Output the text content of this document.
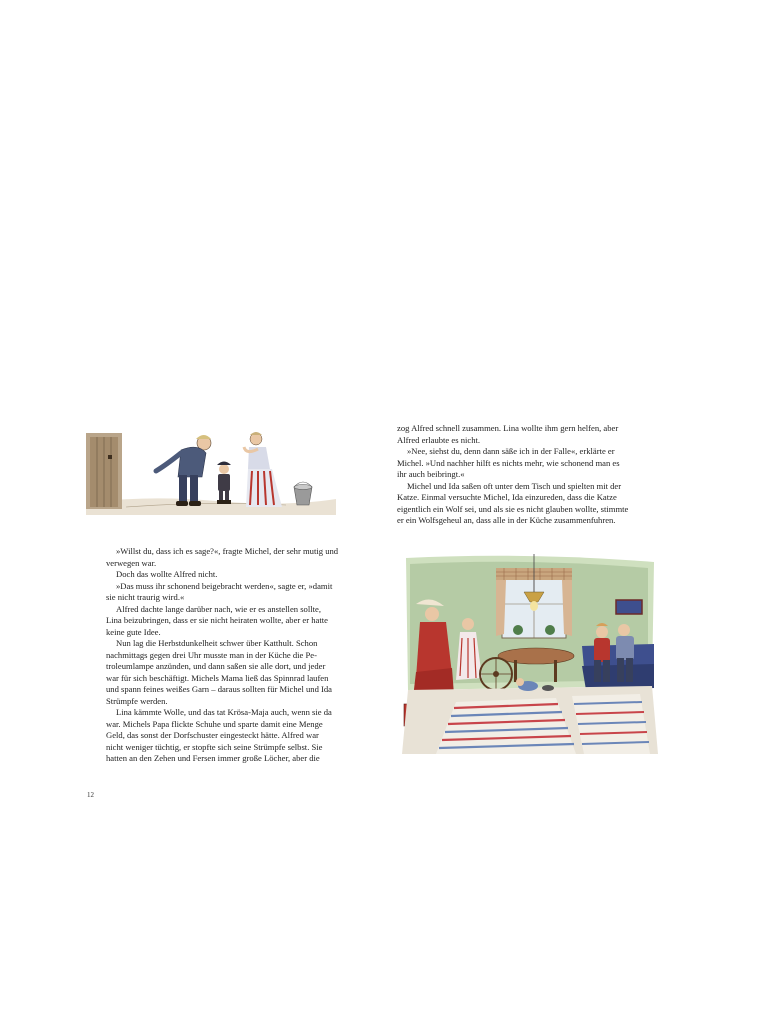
»Willst du, dass ich es sage?«, fragte Michel, der sehr mutig und

verwegen war.

Doch das wollte Alfred nicht.

»Das muss ihr schonend beigebracht werden«, sagte er, »damit

sie nicht traurig wird.«

Alfred dachte lange darüber nach, wie er es anstellen sollte,

Lina beizubringen, dass er sie nicht heiraten wollte, aber er hatte

keine gute Idee.

Nun lag die Herbstdunkelheit schwer über Katthult. Schon

nachmittags gegen drei Uhr musste man in der Küche die Pe-

troleumlampe anzünden, und dann saßen sie alle dort, und jeder

war für sich beschäftigt. Michels Mama ließ das Spinnrad laufen

und spann feines weißes Garn – daraus sollten für Michel und Ida

Strümpfe werden.

Lina kämmte Wolle, und das tat Krösa-Maja auch, wenn sie da

war. Michels Papa flickte Schuhe und sparte damit eine Menge

Geld, das sonst der Dorfschuster eingesteckt hätte. Alfred war

nicht weniger tüchtig, er stopfte sich seine Strümpfe selbst. Sie

hatten an den Zehen und Fersen immer große Löcher, aber die

12

zog Alfred schnell zusammen. Lina wollte ihm gern helfen, aber

Alfred erlaubte es nicht.

»Nee, siehst du, denn dann säße ich in der Falle«, erklärte er

Michel. »Und nachher hilft es nichts mehr, wie schonend man es

ihr auch beibringt.«

Michel und Ida saßen oft unter dem Tisch und spielten mit der

Katze. Einmal versuchte Michel, Ida einzureden, dass die Katze

eigentlich ein Wolf sei, und als sie es nicht glauben wollte, stimmte

er ein Wolfsgeheul an, dass alle in der Küche zusammenfuhren.
